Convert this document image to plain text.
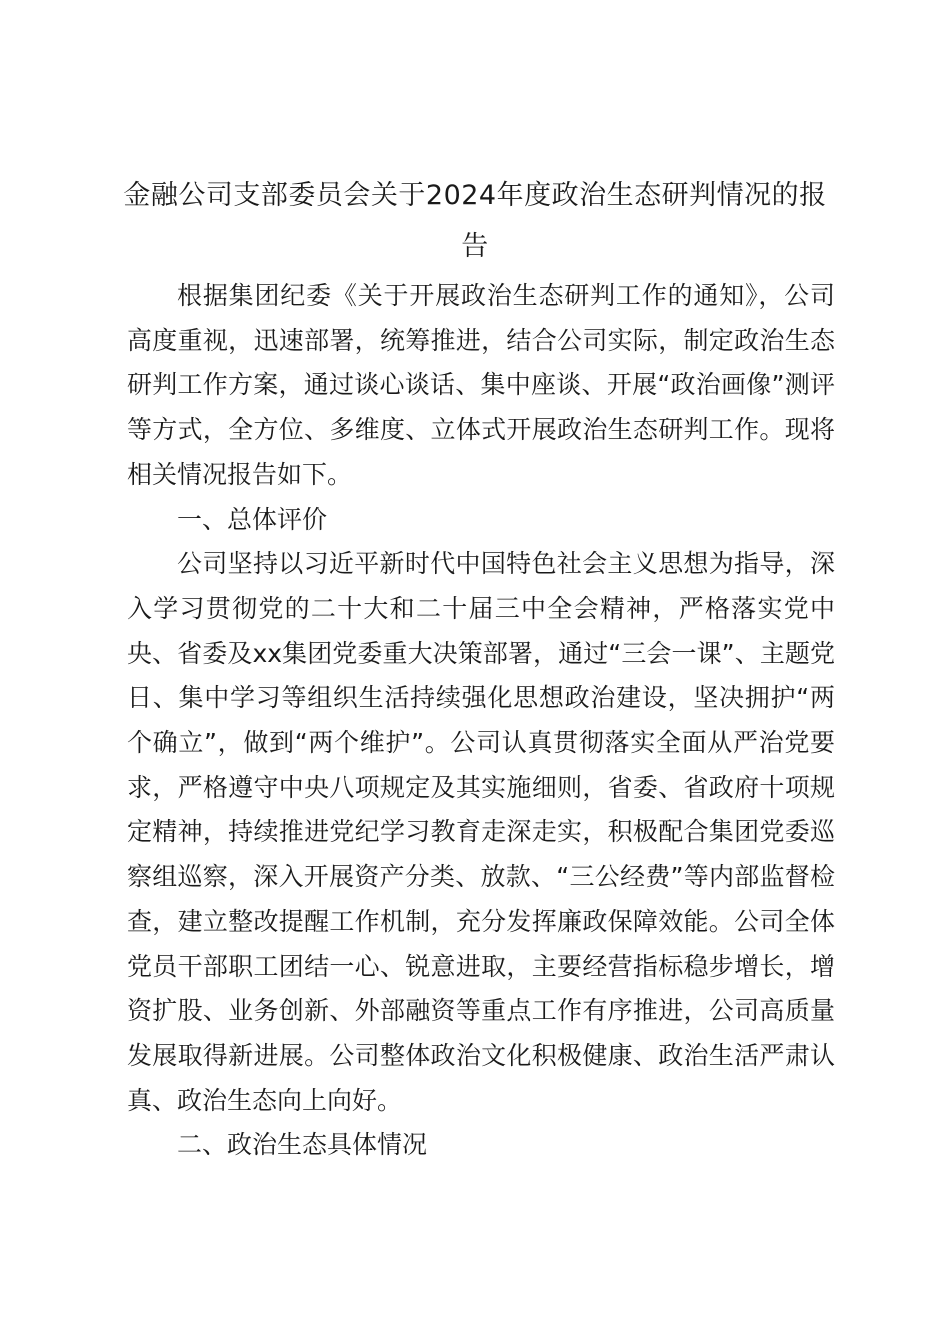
金融公司支部委员会关于2024年度政治生态研判情况的报告

根据集团纪委《关于开展政治生态研判工作的通知》，公司高度重视，迅速部署，统筹推进，结合公司实际，制定政治生态研判工作方案，通过谈心谈话、集中座谈、开展“政治画像”测评等方式，全方位、多维度、立体式开展政治生态研判工作。现将相关情况报告如下。

一、总体评价

公司坚持以习近平新时代中国特色社会主义思想为指导，深入学习贯彻党的二十大和二十届三中全会精神，严格落实党中央、省委及xx集团党委重大决策部署，通过“三会一课”、主题党日、集中学习等组织生活持续强化思想政治建设，坚决拥护“两个确立”，做到“两个维护”。公司认真贯彻落实全面从严治党要求，严格遵守中央八项规定及其实施细则，省委、省政府十项规定精神，持续推进党纪学习教育走深走实，积极配合集团党委巡察组巡察，深入开展资产分类、放款、“三公经费”等内部监督检查，建立整改提醒工作机制，充分发挥廉政保障效能。公司全体党员干部职工团结一心、锐意进取，主要经营指标稳步增长，增资扩股、业务创新、外部融资等重点工作有序推进，公司高质量发展取得新进展。公司整体政治文化积极健康、政治生活严肃认真、政治生态向上向好。

二、政治生态具体情况
